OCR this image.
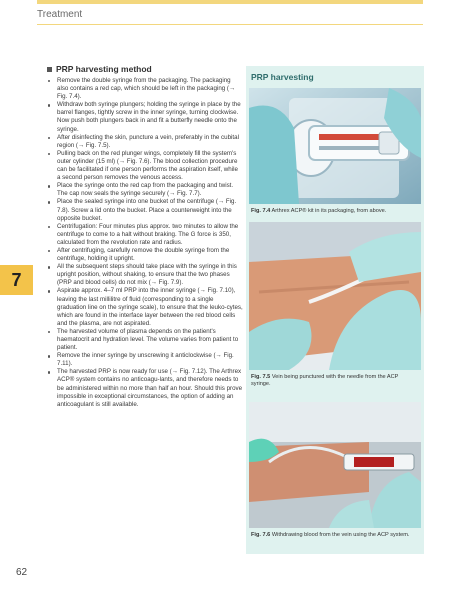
Treatment
7
62
PRP harvesting method
Remove the double syringe from the packaging. The packaging also contains a red cap, which should be left in the packaging (→ Fig. 7.4).
Withdraw both syringe plungers; holding the syringe in place by the barrel flanges, tightly screw in the inner syringe, turning clockwise. Now push both plungers back in and fit a butterfly needle onto the syringe.
After disinfecting the skin, puncture a vein, preferably in the cubital region (→ Fig. 7.5).
Pulling back on the red plunger wings, completely fill the system's outer cylinder (15 ml) (→ Fig. 7.6). The blood collection procedure can be facilitated if one person performs the aspiration itself, while a second person removes the venous access.
Place the syringe onto the red cap from the packaging and twist. The cap now seals the syringe securely (→ Fig. 7.7).
Place the sealed syringe into one bucket of the centrifuge (→ Fig. 7.8). Screw a lid onto the bucket. Place a counterweight into the opposite bucket.
Centrifugation: Four minutes plus approx. two minutes to allow the centrifuge to come to a halt without braking. The G force is 350, calculated from the revolution rate and radius.
After centrifuging, carefully remove the double syringe from the centrifuge, holding it upright.
All the subsequent steps should take place with the syringe in this upright position, without shaking, to ensure that the two phases (PRP and blood cells) do not mix (→ Fig. 7.9).
Aspirate approx. 4–7 ml PRP into the inner syringe (→ Fig. 7.10), leaving the last millilitre of fluid (corresponding to a single graduation line on the syringe scale), to ensure that the leuko-cytes, which are found in the interface layer between the red blood cells and the plasma, are not aspirated.
The harvested volume of plasma depends on the patient's haematocrit and hydration level. The volume varies from patient to patient.
Remove the inner syringe by unscrewing it anticlockwise (→ Fig. 7.11).
The harvested PRP is now ready for use (→ Fig. 7.12). The Arthrex ACP® system contains no anticoagu-lants, and therefore needs to be administered within no more than half an hour. Should this prove impossible in exceptional circumstances, the option of adding an anticoagulant is still available.
PRP harvesting
Fig. 7.4 Arthrex ACP® kit in its packaging, from above.
Fig. 7.5 Vein being punctured with the needle from the ACP syringe.
Fig. 7.6 Withdrawing blood from the vein using the ACP system.
